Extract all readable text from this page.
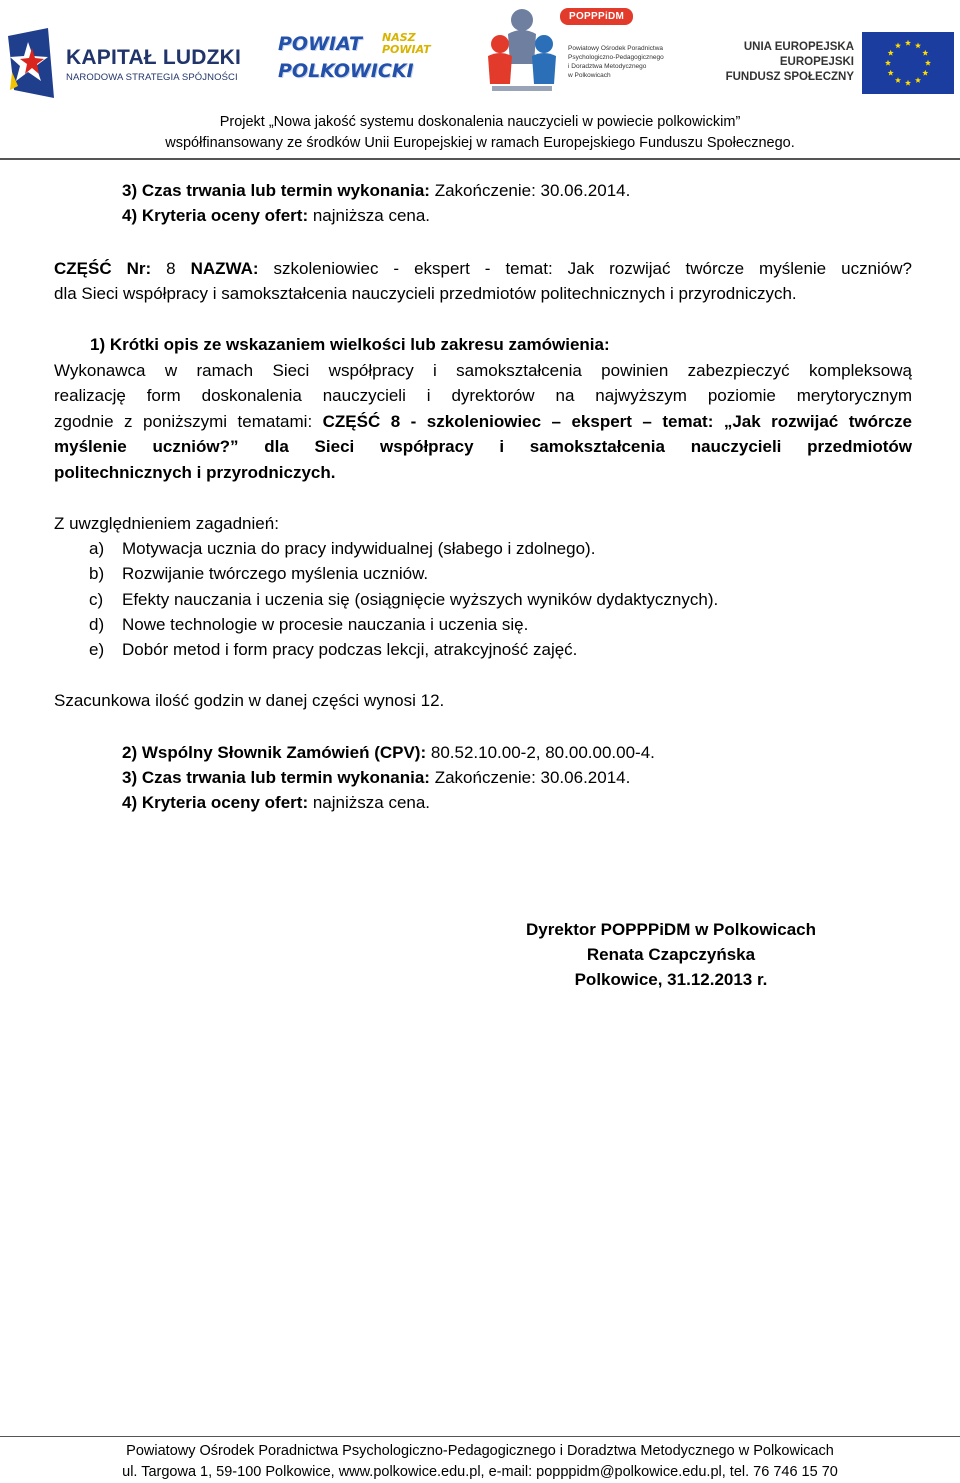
KAPITAŁ LUDZKI
NARODOWA STRATEGIA SPÓJNOŚCI
POWIAT NASZ
POWIAT
POLKOWICKI
POPPPiDM
Powiatowy Ośrodek Poradnictwa
Psychologiczno-Pedagogicznego
i Doradztwa Metodycznego
w Polkowicach
UNIA EUROPEJSKA
EUROPEJSKI
FUNDUSZ SPOŁECZNY
Projekt „Nowa jakość systemu doskonalenia nauczycieli w powiecie polkowickim”
współfinansowany ze środków Unii Europejskiej w ramach Europejskiego Funduszu Społecznego.
3) Czas trwania lub termin wykonania: Zakończenie: 30.06.2014.
4) Kryteria oceny ofert: najniższa cena.
CZĘŚĆ Nr: 8 NAZWA: szkoleniowiec - ekspert - temat: Jak rozwijać twórcze myślenie uczniów?
dla Sieci współpracy i samokształcenia nauczycieli przedmiotów politechnicznych i przyrodniczych.
1) Krótki opis ze wskazaniem wielkości lub zakresu zamówienia:
Wykonawca w ramach Sieci współpracy i samokształcenia powinien zabezpieczyć kompleksową
realizację form doskonalenia nauczycieli i dyrektorów na najwyższym poziomie merytorycznym
zgodnie z poniższymi tematami: CZĘŚĆ 8 - szkoleniowiec – ekspert – temat: „Jak rozwijać twórcze
myślenie uczniów?” dla Sieci współpracy i samokształcenia nauczycieli przedmiotów
politechnicznych i przyrodniczych.
Z uwzględnieniem zagadnień:
a) Motywacja ucznia do pracy indywidualnej (słabego i zdolnego).
b) Rozwijanie twórczego myślenia uczniów.
c) Efekty nauczania i uczenia się (osiągnięcie wyższych wyników dydaktycznych).
d) Nowe technologie w procesie nauczania i uczenia się.
e) Dobór metod i form pracy podczas lekcji, atrakcyjność zajęć.
Szacunkowa ilość godzin w danej części wynosi 12.
2) Wspólny Słownik Zamówień (CPV): 80.52.10.00-2, 80.00.00.00-4.
3) Czas trwania lub termin wykonania: Zakończenie: 30.06.2014.
4) Kryteria oceny ofert: najniższa cena.
Dyrektor POPPPiDM w Polkowicach
Renata Czapczyńska
Polkowice, 31.12.2013 r.
Powiatowy Ośrodek Poradnictwa Psychologiczno-Pedagogicznego i Doradztwa Metodycznego w Polkowicach
ul. Targowa 1, 59-100 Polkowice, www.polkowice.edu.pl, e-mail: popppidm@polkowice.edu.pl, tel. 76 746 15 70
